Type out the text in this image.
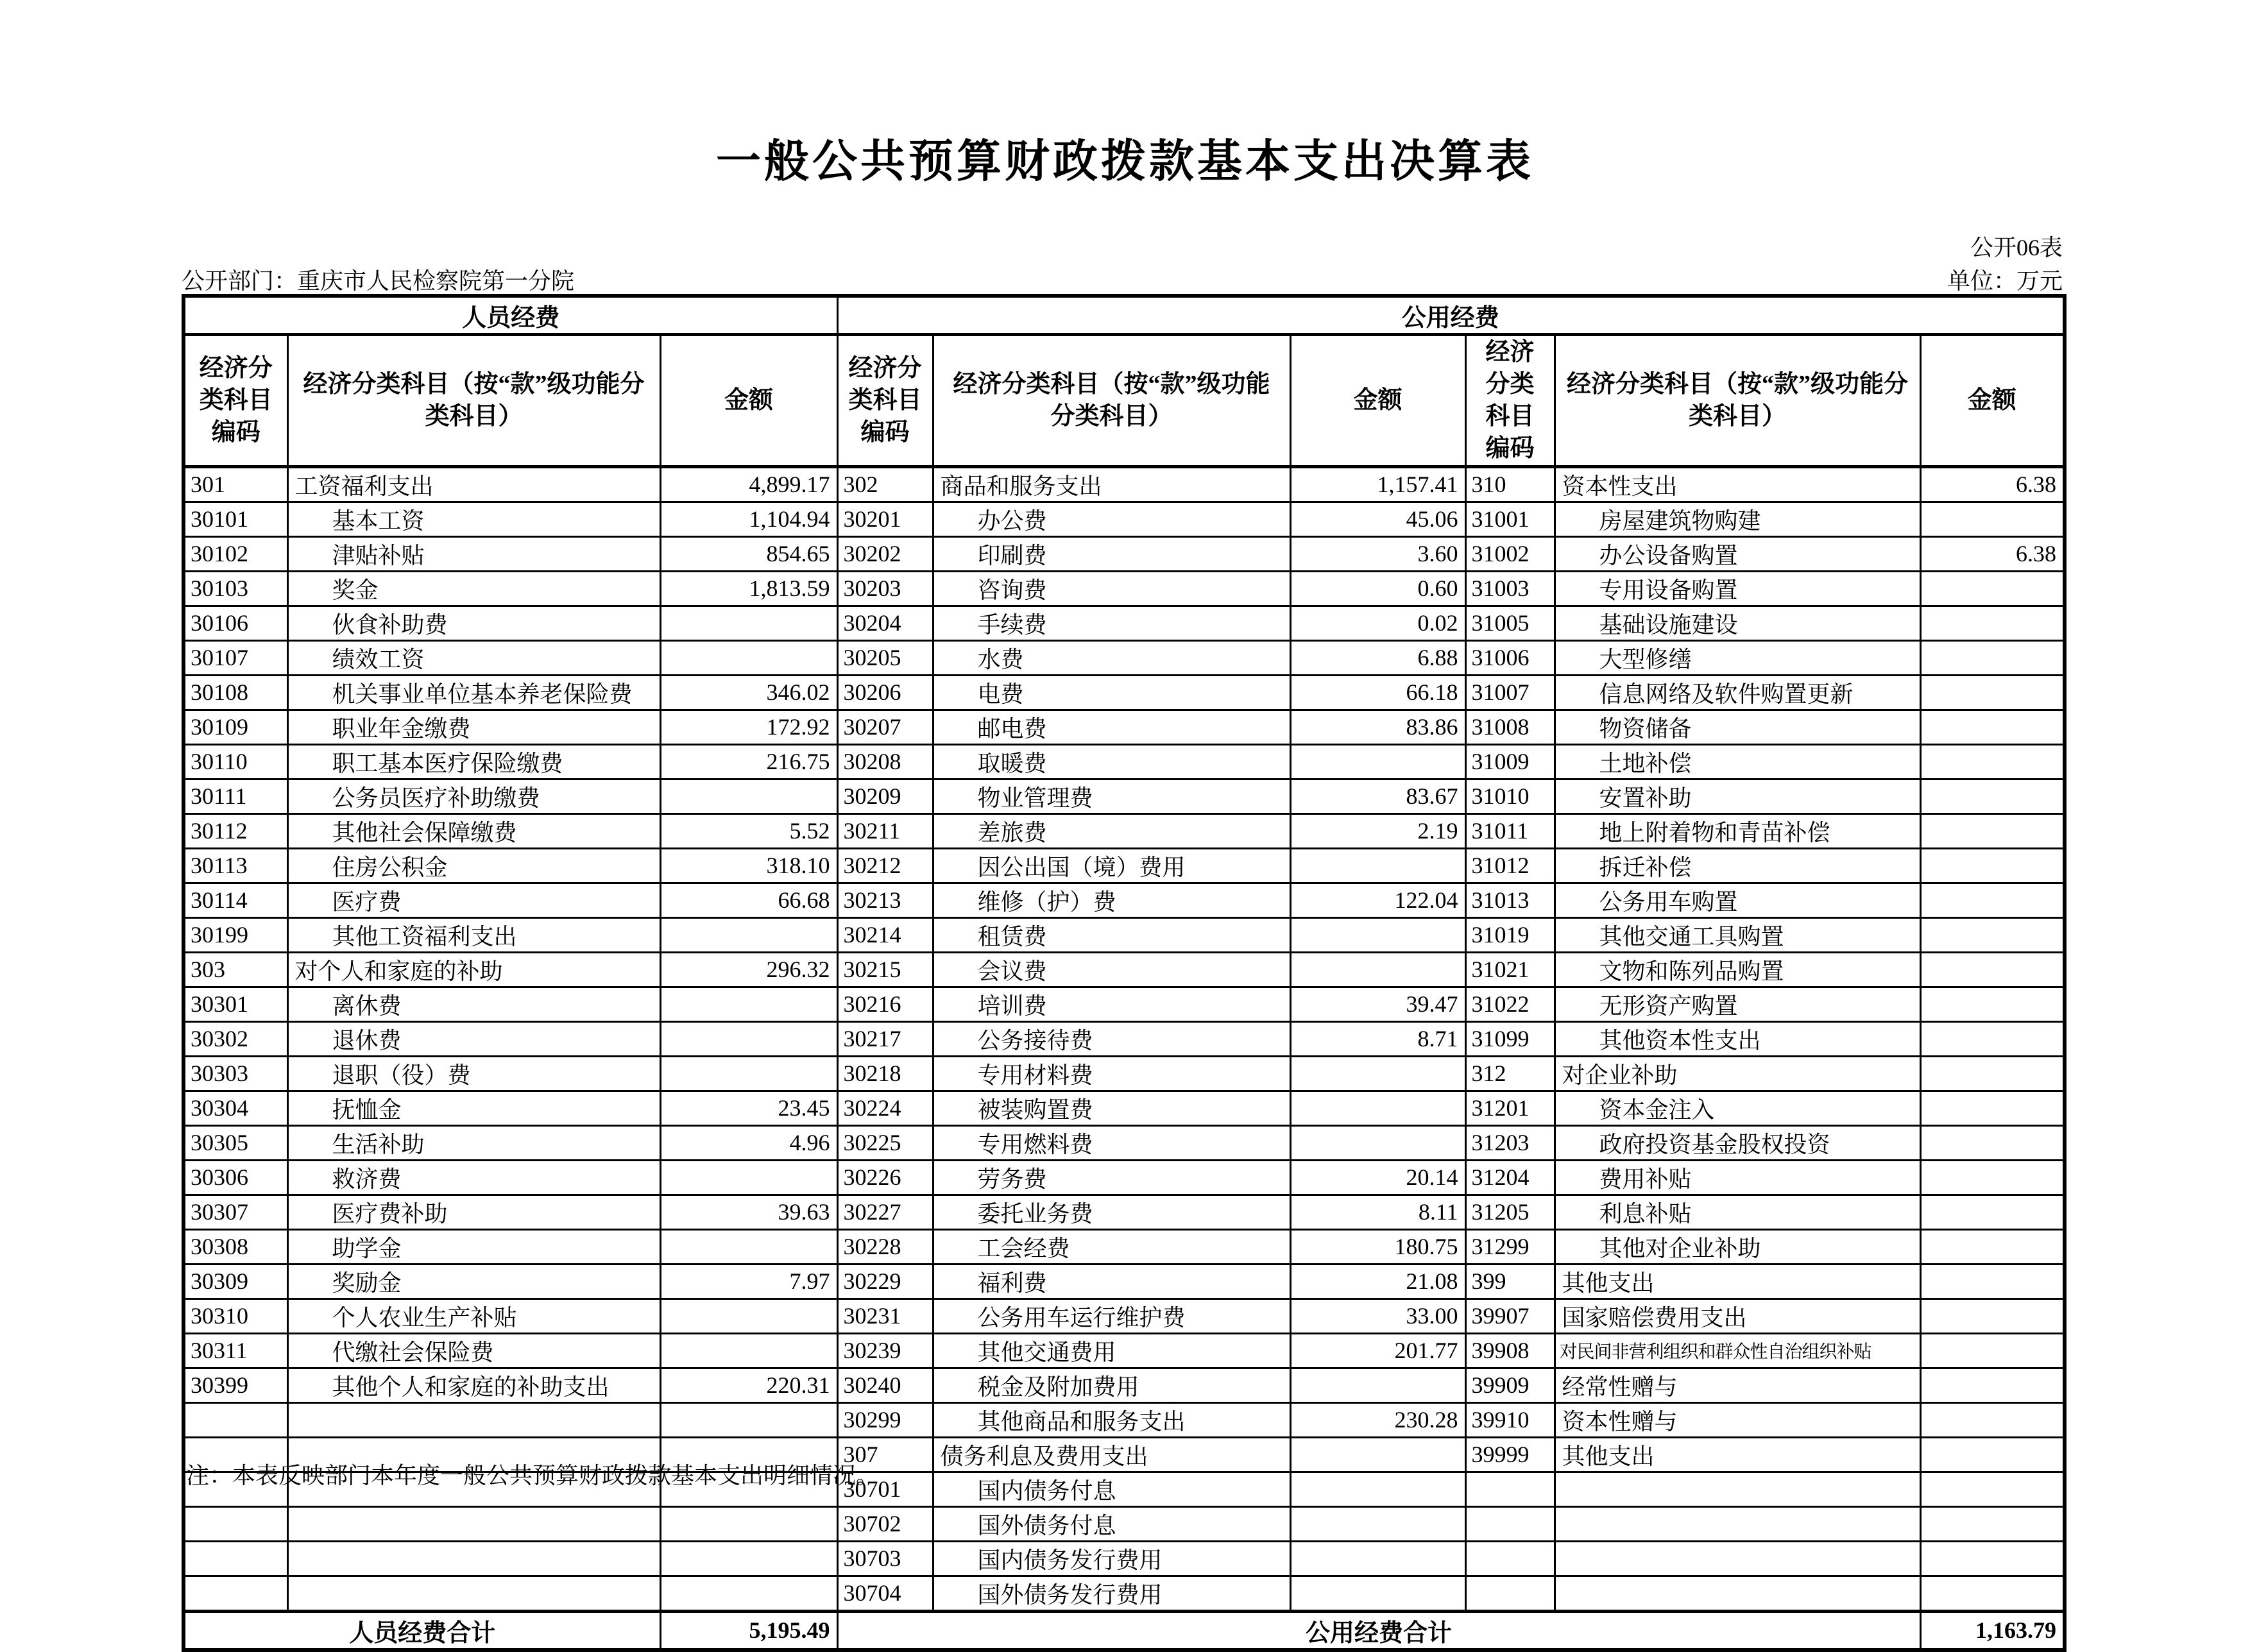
一般公共预算财政拨款基本支出决算表
公开06表
公开部门：重庆市人民检察院第一分院	单位：万元
人员经费			公用经费					
经济分类科目编码	经济分类科目（按“款”级功能分类科目）	金额	经济分类科目编码	经济分类科目（按“款”级功能分类科目）	金额	经济分类科目编码	经济分类科目（按“款”级功能分类科目）	金额
301	工资福利支出	4,899.17	302	商品和服务支出	1,157.41	310	资本性支出	6.38
30101	基本工资	1,104.94	30201	办公费	45.06	31001	房屋建筑物购建	
30102	津贴补贴	854.65	30202	印刷费	3.60	31002	办公设备购置	6.38
30103	奖金	1,813.59	30203	咨询费	0.60	31003	专用设备购置	
30106	伙食补助费		30204	手续费	0.02	31005	基础设施建设	
30107	绩效工资		30205	水费	6.88	31006	大型修缮	
30108	机关事业单位基本养老保险费	346.02	30206	电费	66.18	31007	信息网络及软件购置更新	
30109	职业年金缴费	172.92	30207	邮电费	83.86	31008	物资储备	
30110	职工基本医疗保险缴费	216.75	30208	取暖费		31009	土地补偿	
30111	公务员医疗补助缴费		30209	物业管理费	83.67	31010	安置补助	
30112	其他社会保障缴费	5.52	30211	差旅费	2.19	31011	地上附着物和青苗补偿	
30113	住房公积金	318.10	30212	因公出国（境）费用		31012	拆迁补偿	
30114	医疗费	66.68	30213	维修（护）费	122.04	31013	公务用车购置	
30199	其他工资福利支出		30214	租赁费		31019	其他交通工具购置	
303	对个人和家庭的补助	296.32	30215	会议费		31021	文物和陈列品购置	
30301	离休费		30216	培训费	39.47	31022	无形资产购置	
30302	退休费		30217	公务接待费	8.71	31099	其他资本性支出	
30303	退职（役）费		30218	专用材料费		312	对企业补助	
30304	抚恤金	23.45	30224	被装购置费		31201	资本金注入	
30305	生活补助	4.96	30225	专用燃料费		31203	政府投资基金股权投资	
30306	救济费		30226	劳务费	20.14	31204	费用补贴	
30307	医疗费补助	39.63	30227	委托业务费	8.11	31205	利息补贴	
30308	助学金		30228	工会经费	180.75	31299	其他对企业补助	
30309	奖励金	7.97	30229	福利费	21.08	399	其他支出	
30310	个人农业生产补贴		30231	公务用车运行维护费	33.00	39907	国家赔偿费用支出	
30311	代缴社会保险费		30239	其他交通费用	201.77	39908	对民间非营利组织和群众性自治组织补贴	
30399	其他个人和家庭的补助支出	220.31	30240	税金及附加费用		39909	经常性赠与	
			30299	其他商品和服务支出	230.28	39910	资本性赠与	
			307	债务利息及费用支出		39999	其他支出	
			30701	国内债务付息				
			30702	国外债务付息				
			30703	国内债务发行费用				
			30704	国外债务发行费用				
人员经费合计		5,195.49	公用经费合计					1,163.79
注：本表反映部门本年度一般公共预算财政拨款基本支出明细情况。
